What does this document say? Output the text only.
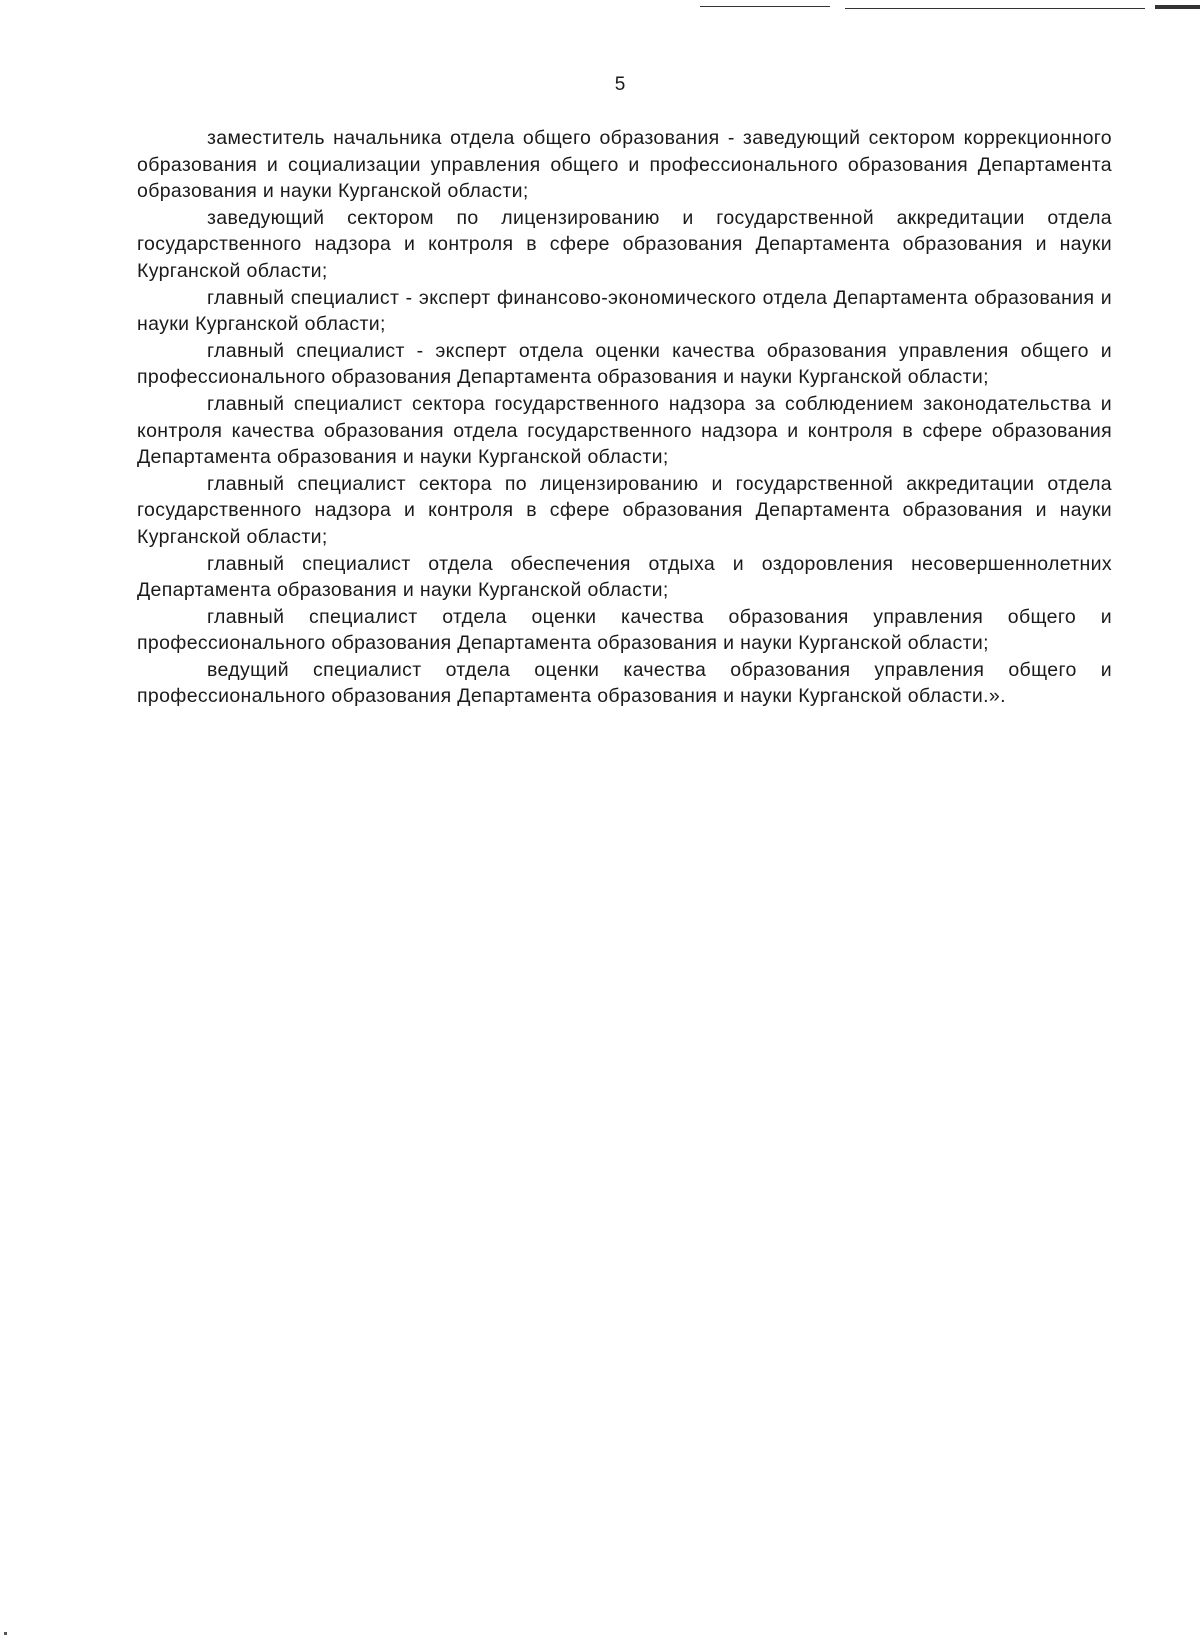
5

заместитель начальника отдела общего образования - заведующий сектором коррекционного образования и социализации управления общего и профессионального образования Департамента образования и науки Курганской области;

заведующий сектором по лицензированию и государственной аккредитации отдела государственного надзора и контроля в сфере образования Департамента образования и науки Курганской области;

главный специалист - эксперт финансово-экономического отдела Департамента образования и науки Курганской области;

главный специалист - эксперт отдела оценки качества образования управления общего и профессионального образования Департамента образования и науки Курганской области;

главный специалист сектора государственного надзора за соблюдением законодательства и контроля качества образования отдела государственного надзора и контроля в сфере образования Департамента образования и науки Курганской области;

главный специалист сектора по лицензированию и государственной аккредитации отдела государственного надзора и контроля в сфере образования Департамента образования и науки Курганской области;

главный специалист отдела обеспечения отдыха и оздоровления несовершеннолетних Департамента образования и науки Курганской области;

главный специалист отдела оценки качества образования управления общего и профессионального образования Департамента образования и науки Курганской области;

ведущий специалист отдела оценки качества образования управления общего и профессионального образования Департамента образования и науки Курганской области.».
